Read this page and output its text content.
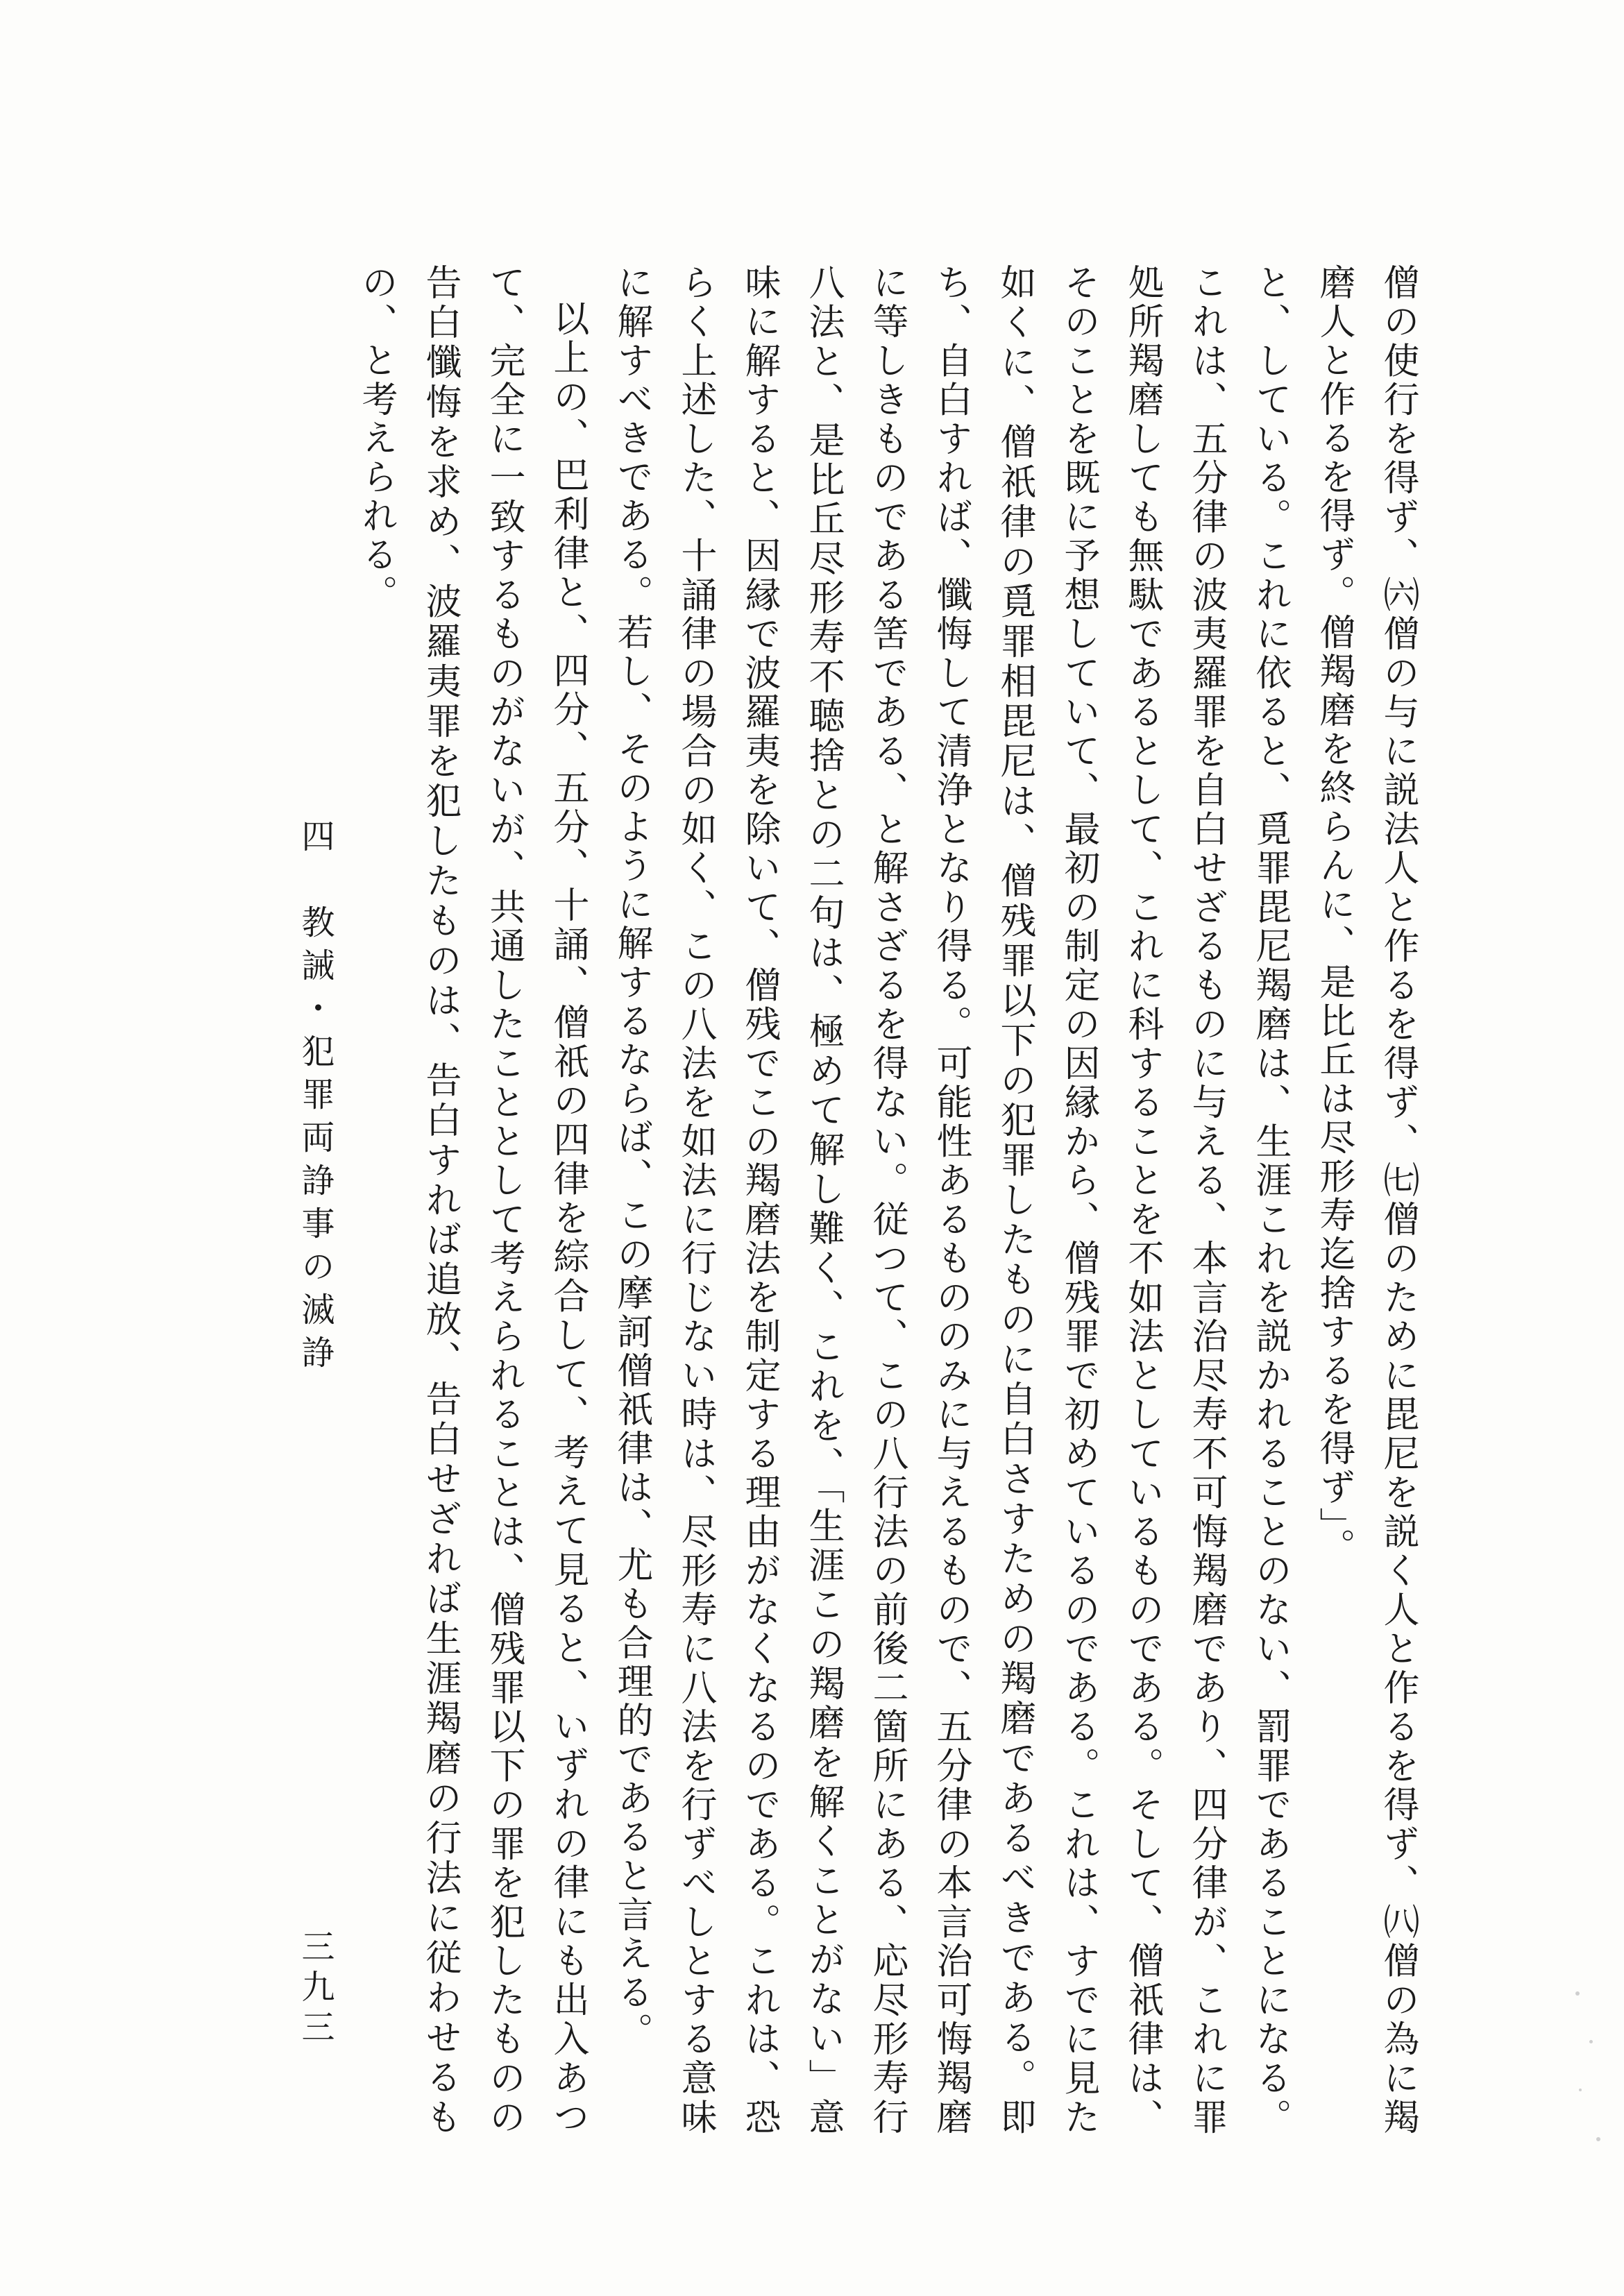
僧の使行を得ず、㈥僧の与に説法人と作るを得ず、㈦僧のために毘尼を説く人と作るを得ず、㈧僧の為に羯磨人と作るを得ず。僧羯磨を終らんに、是比丘は尽形寿迄捨するを得ず」。

と、している。これに依ると、覓罪毘尼羯磨は、生涯これを説かれることのない、罰罪であることになる。これは、五分律の波夷羅罪を自白せざるものに与える、本言治尽寿不可悔羯磨であり、四分律が、これに罪処所羯磨しても無駄であるとして、これに科することを不如法としているものである。そして、僧祇律は、そのことを既に予想していて、最初の制定の因縁から、僧残罪で初めているのである。これは、すでに見た如くに、僧祇律の覓罪相毘尼は、僧残罪以下の犯罪したものに自白さすための羯磨であるべきである。即ち、自白すれば、懺悔して清浄となり得る。可能性あるもののみに与えるもので、五分律の本言治可悔羯磨に等しきものである筈である、と解さざるを得ない。従つて、この八行法の前後二箇所にある、応尽形寿行八法と、是比丘尽形寿不聴捨との二句は、極めて解し難く、これを、「生涯この羯磨を解くことがない」意味に解すると、因縁で波羅夷を除いて、僧残でこの羯磨法を制定する理由がなくなるのである。これは、恐らく上述した、十誦律の場合の如く、この八法を如法に行じない時は、尽形寿に八法を行ずべしとする意味に解すべきである。若し、そのように解するならば、この摩訶僧祇律は、尤も合理的であると言える。

以上の、巴利律と、四分、五分、十誦、僧祇の四律を綜合して、考えて見ると、いずれの律にも出入あつて、完全に一致するものがないが、共通したこととして考えられることは、僧残罪以下の罪を犯したものの告白懺悔を求め、波羅夷罪を犯したものは、告白すれば追放、告白せざれば生涯羯磨の行法に従わせるもの、と考えられる。

四　教誡・犯罪両諍事の滅諍
三九三
